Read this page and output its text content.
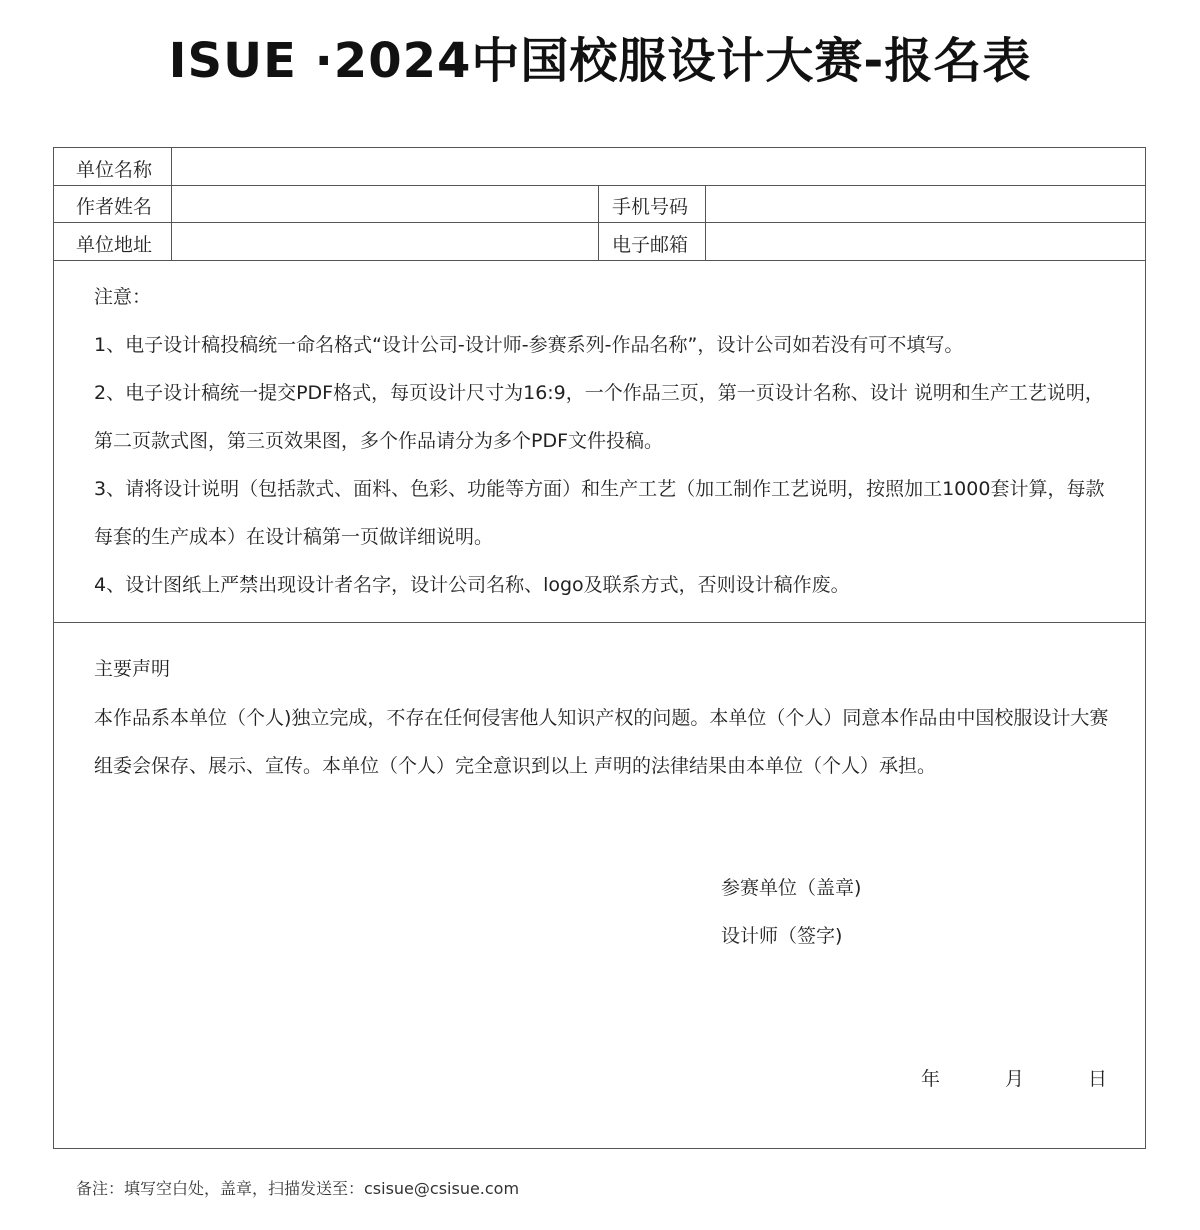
ISUE ·2024中国校服设计大赛-报名表
单位名称
作者姓名	手机号码
单位地址	电子邮箱
注意：
1、电子设计稿投稿统一命名格式“设计公司-设计师-参赛系列-作品名称”，设计公司如若没有可不填写。
2、电子设计稿统一提交PDF格式，每页设计尺寸为16:9，一个作品三页，第一页设计名称、设计 说明和生产工艺说明，第二页款式图，第三页效果图，多个作品请分为多个PDF文件投稿。
3、请将设计说明（包括款式、面料、色彩、功能等方面）和生产工艺（加工制作工艺说明，按照加工1000套计算，每款每套的生产成本）在设计稿第一页做详细说明。
4、设计图纸上严禁出现设计者名字，设计公司名称、logo及联系方式，否则设计稿作废。
主要声明
本作品系本单位（个人)独立完成，不存在任何侵害他人知识产权的问题。本单位（个人）同意本作品由中国校服设计大赛组委会保存、展示、宣传。本单位（个人）完全意识到以上 声明的法律结果由本单位（个人）承担。
参赛单位（盖章)
设计师（签字)
年	月	日
备注：填写空白处，盖章，扫描发送至：csisue@csisue.com
